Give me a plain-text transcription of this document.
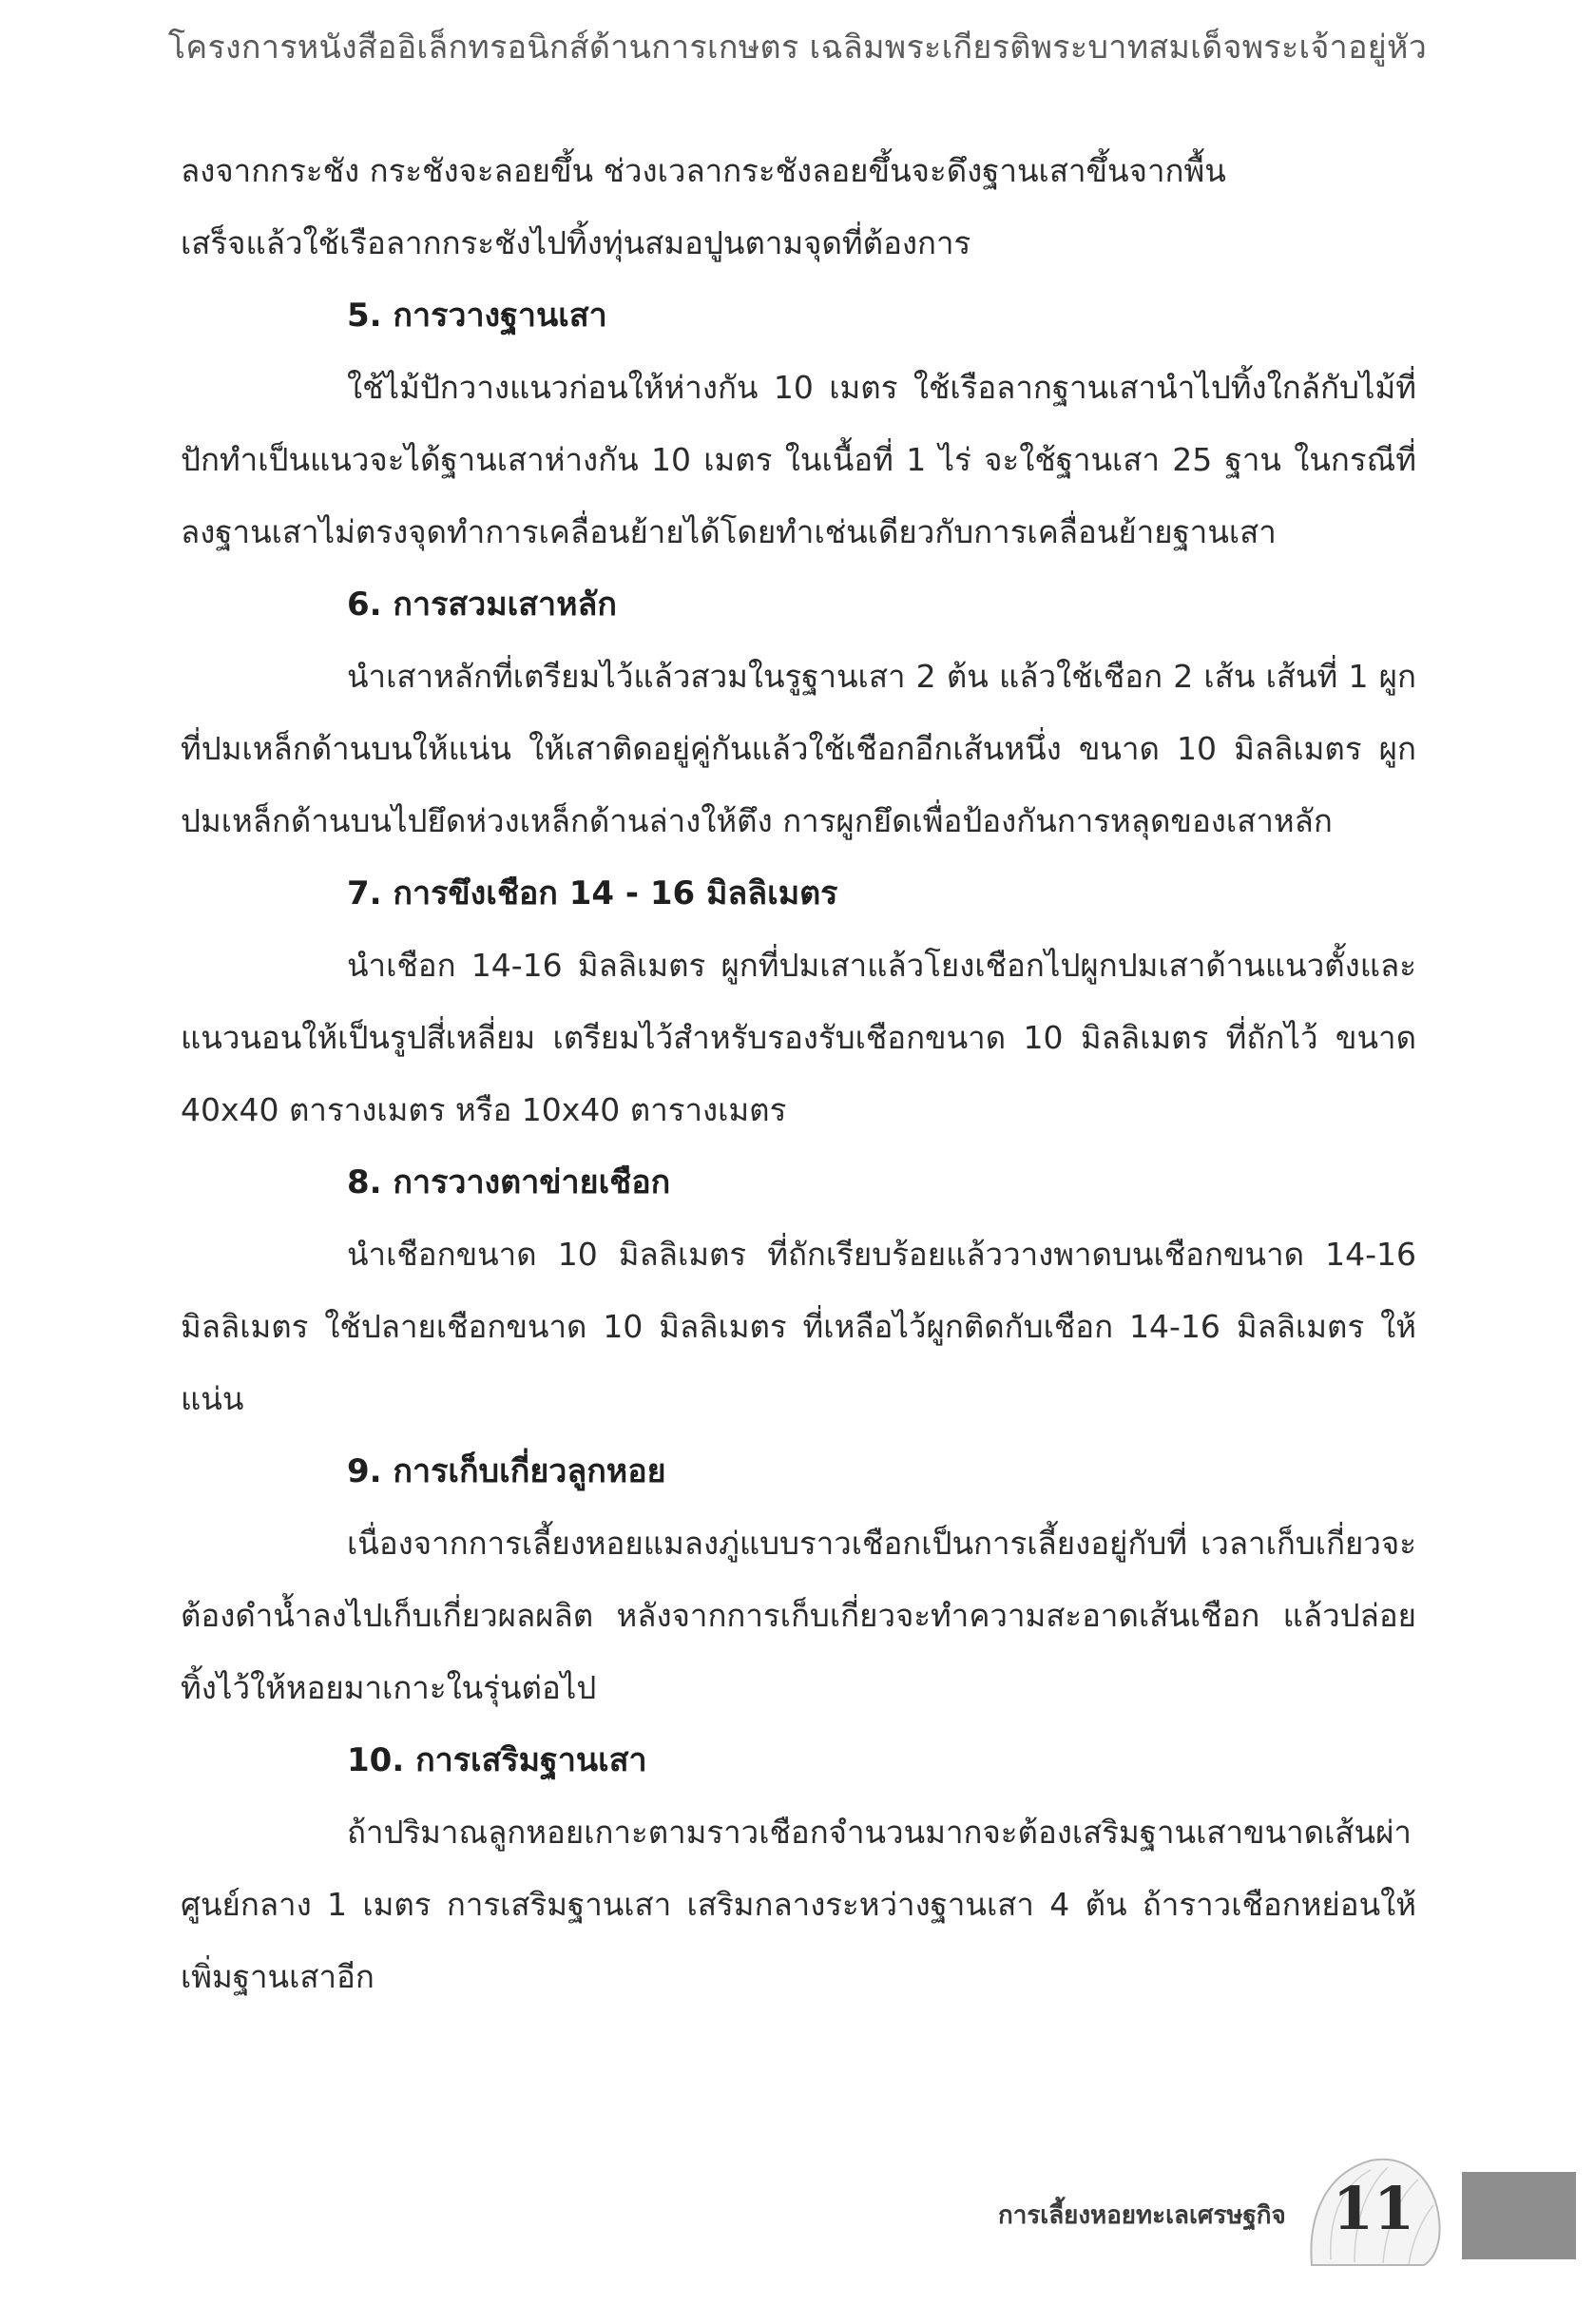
โครงการหนังสืออิเล็กทรอนิกส์ด้านการเกษตร เฉลิมพระเกียรติพระบาทสมเด็จพระเจ้าอยู่หัว

ลงจากกระชัง กระชังจะลอยขึ้น ช่วงเวลากระชังลอยขึ้นจะดึงฐานเสาขึ้นจากพื้น
เสร็จแล้วใช้เรือลากกระชังไปทิ้งทุ่นสมอปูนตามจุดที่ต้องการ

5. การวางฐานเสา

ใช้ไม้ปักวางแนวก่อนให้ห่างกัน 10 เมตร ใช้เรือลากฐานเสานำไปทิ้งใกล้กับไม้ที่ปักทำเป็นแนวจะได้ฐานเสาห่างกัน 10 เมตร ในเนื้อที่ 1 ไร่ จะใช้ฐานเสา 25 ฐาน ในกรณีที่ลงฐานเสาไม่ตรงจุดทำการเคลื่อนย้ายได้โดยทำเช่นเดียวกับการเคลื่อนย้ายฐานเสา

6. การสวมเสาหลัก

นำเสาหลักที่เตรียมไว้แล้วสวมในรูฐานเสา 2 ต้น แล้วใช้เชือก 2 เส้น เส้นที่ 1 ผูกที่ปมเหล็กด้านบนให้แน่น ให้เสาติดอยู่คู่กันแล้วใช้เชือกอีกเส้นหนึ่ง ขนาด 10 มิลลิเมตร ผูกปมเหล็กด้านบนไปยึดห่วงเหล็กด้านล่างให้ตึง การผูกยึดเพื่อป้องกันการหลุดของเสาหลัก

7. การขึงเชือก 14 - 16 มิลลิเมตร

นำเชือก 14-16 มิลลิเมตร ผูกที่ปมเสาแล้วโยงเชือกไปผูกปมเสาด้านแนวตั้งและแนวนอนให้เป็นรูปสี่เหลี่ยม เตรียมไว้สำหรับรองรับเชือกขนาด 10 มิลลิเมตร ที่ถักไว้ ขนาด 40x40 ตารางเมตร หรือ 10x40 ตารางเมตร

8. การวางตาข่ายเชือก

นำเชือกขนาด 10 มิลลิเมตร ที่ถักเรียบร้อยแล้ววางพาดบนเชือกขนาด 14-16 มิลลิเมตร ใช้ปลายเชือกขนาด 10 มิลลิเมตร ที่เหลือไว้ผูกติดกับเชือก 14-16 มิลลิเมตร ให้แน่น

9. การเก็บเกี่ยวลูกหอย

เนื่องจากการเลี้ยงหอยแมลงภู่แบบราวเชือกเป็นการเลี้ยงอยู่กับที่ เวลาเก็บเกี่ยวจะต้องดำน้ำลงไปเก็บเกี่ยวผลผลิต หลังจากการเก็บเกี่ยวจะทำความสะอาดเส้นเชือก แล้วปล่อยทิ้งไว้ให้หอยมาเกาะในรุ่นต่อไป

10. การเสริมฐานเสา

ถ้าปริมาณลูกหอยเกาะตามราวเชือกจำนวนมากจะต้องเสริมฐานเสาขนาดเส้นผ่าศูนย์กลาง 1 เมตร การเสริมฐานเสา เสริมกลางระหว่างฐานเสา 4 ต้น ถ้าราวเชือกหย่อนให้เพิ่มฐานเสาอีก

การเลี้ยงหอยทะเลเศรษฐกิจ 11
